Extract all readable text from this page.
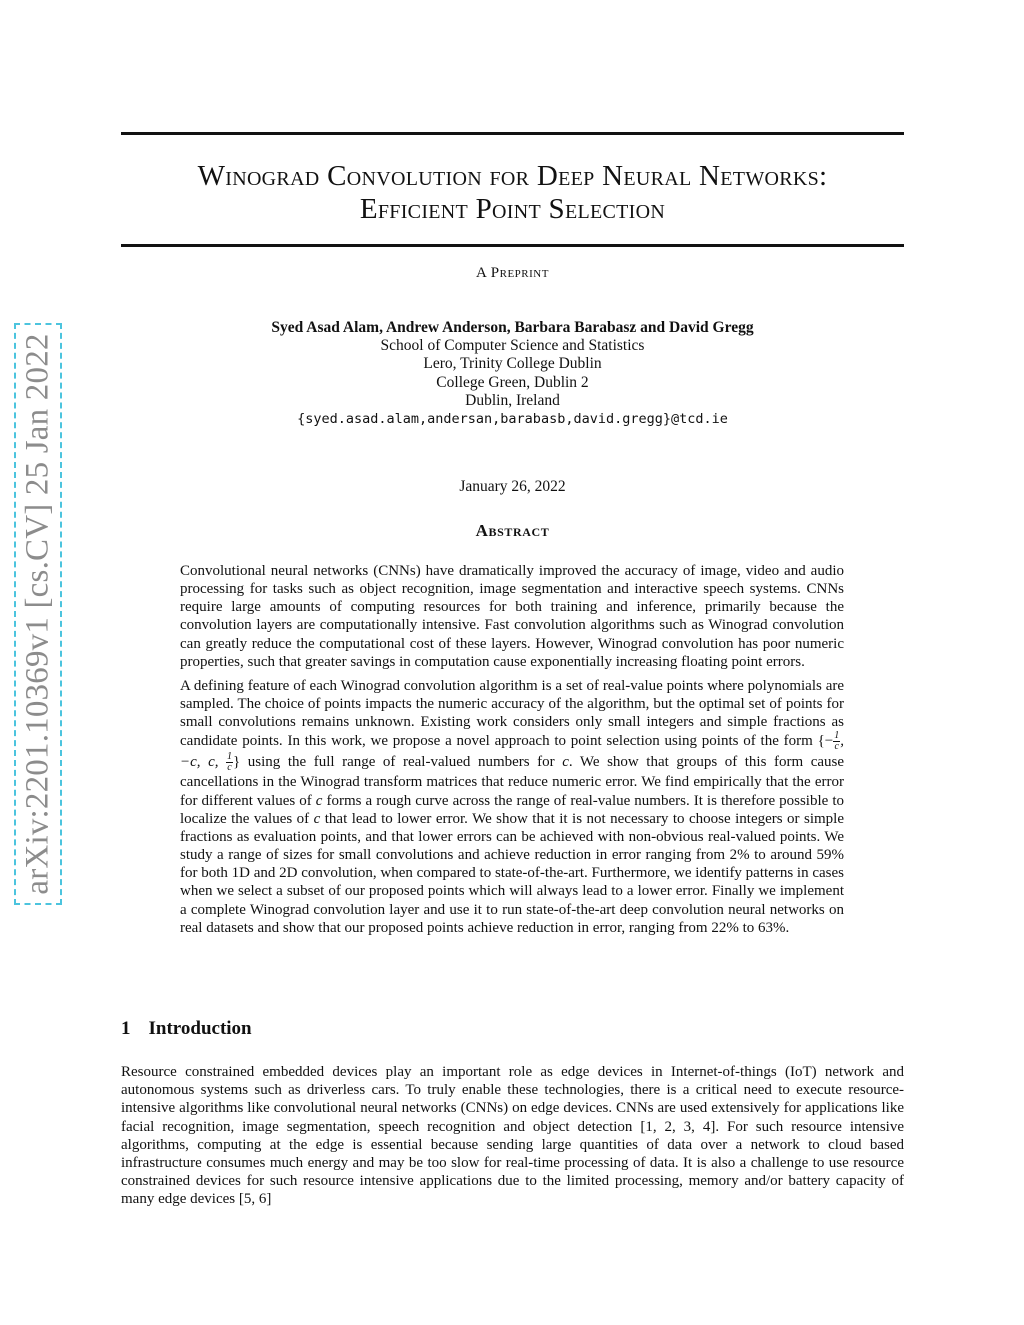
arXiv:2201.10369v1 [cs.CV] 25 Jan 2022
Winograd Convolution for Deep Neural Networks:
Efficient Point Selection
A Preprint
Syed Asad Alam, Andrew Anderson, Barbara Barabasz and David Gregg
School of Computer Science and Statistics
Lero, Trinity College Dublin
College Green, Dublin 2
Dublin, Ireland
{syed.asad.alam,andersan,barabasb,david.gregg}@tcd.ie
January 26, 2022
Abstract

Convolutional neural networks (CNNs) have dramatically improved the accuracy of image, video and audio processing for tasks such as object recognition, image segmentation and interactive speech systems. CNNs require large amounts of computing resources for both training and inference, primarily because the convolution layers are computationally intensive. Fast convolution algorithms such as Winograd convolution can greatly reduce the computational cost of these layers. However, Winograd convolution has poor numeric properties, such that greater savings in computation cause exponentially increasing floating point errors.

A defining feature of each Winograd convolution algorithm is a set of real-value points where polynomials are sampled. The choice of points impacts the numeric accuracy of the algorithm, but the optimal set of points for small convolutions remains unknown. Existing work considers only small integers and simple fractions as candidate points. In this work, we propose a novel approach to point selection using points of the form {− $\frac{1}{c}$ , −c, c, $\frac{1}{c}$ } using the full range of real-valued numbers for c. We show that groups of this form cause cancellations in the Winograd transform matrices that reduce numeric error. We find empirically that the error for different values of c forms a rough curve across the range of real-value numbers. It is therefore possible to localize the values of c that lead to lower error. We show that it is not necessary to choose integers or simple fractions as evaluation points, and that lower errors can be achieved with non-obvious real-valued points. We study a range of sizes for small convolutions and achieve reduction in error ranging from 2% to around 59% for both 1D and 2D convolution, when compared to state-of-the-art. Furthermore, we identify patterns in cases when we select a subset of our proposed points which will always lead to a lower error. Finally we implement a complete Winograd convolution layer and use it to run state-of-the-art deep convolution neural networks on real datasets and show that our proposed points achieve reduction in error, ranging from 22% to 63%.

1 Introduction
Resource constrained embedded devices play an important role as edge devices in Internet-of-things (IoT) network and autonomous systems such as driverless cars. To truly enable these technologies, there is a critical need to execute resource-intensive algorithms like convolutional neural networks (CNNs) on edge devices. CNNs are used extensively for applications like facial recognition, image segmentation, speech recognition and object detection [1, 2, 3, 4]. For such resource intensive algorithms, computing at the edge is essential because sending large quantities of data over a network to cloud based infrastructure consumes much energy and may be too slow for real-time processing of data. It is also a challenge to use resource constrained devices for such resource intensive applications due to the limited processing, memory and/or battery capacity of many edge devices [5, 6]
